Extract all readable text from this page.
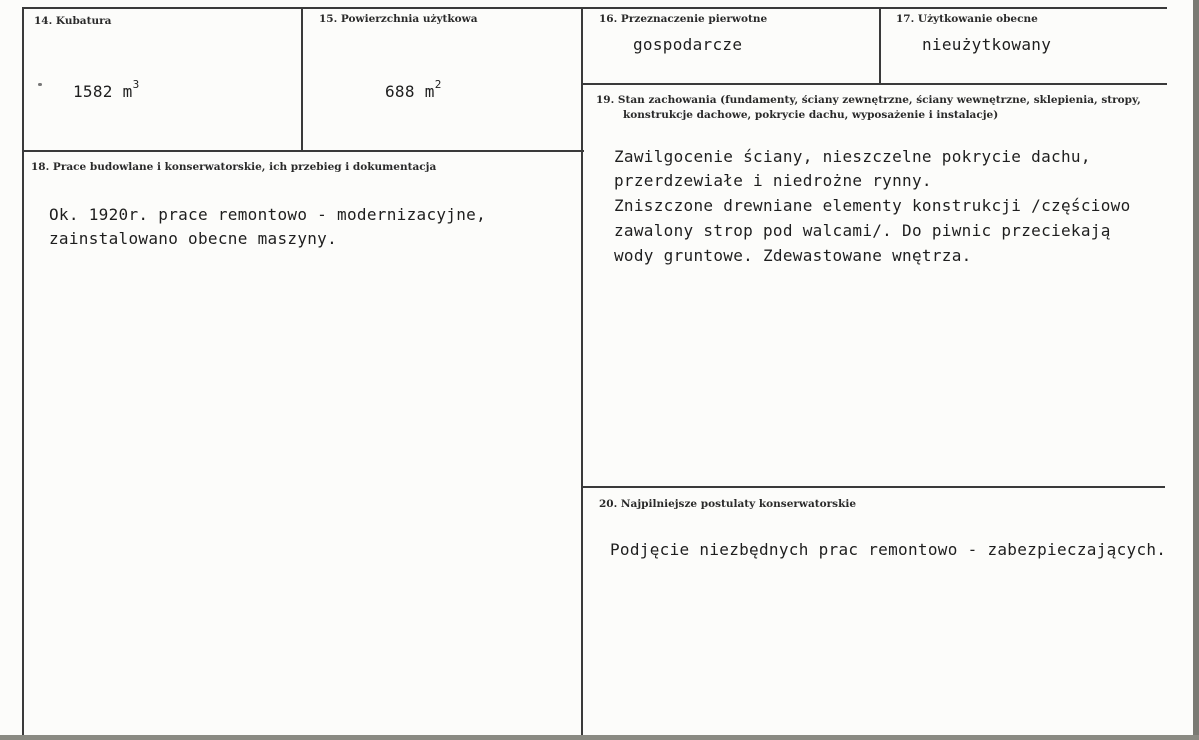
14. Kubatura
1582 $m^3$
15. Powierzchnia użytkowa
688 $m^2$
16. Przeznaczenie pierwotne
gospodarcze
17. Użytkowanie obecne
nieużytkowany
18. Prace budowlane i konserwatorskie, ich przebieg i dokumentacja
Ok. 1920r. prace remontowo - modernizacyjne,
zainstalowano obecne maszyny.
19. Stan zachowania (fundamenty, ściany zewnętrzne, ściany wewnętrzne, sklepienia, stropy,
konstrukcje dachowe, pokrycie dachu, wyposażenie i instalacje)
Zawilgocenie ściany, nieszczelne pokrycie dachu,
przerdzewiałe i niedrożne rynny.
Zniszczone drewniane elementy konstrukcji /częściowo
zawalony strop pod walcami/. Do piwnic przeciekają
wody gruntowe. Zdewastowane wnętrza.
20. Najpilniejsze postulaty konserwatorskie
Podjęcie niezbędnych prac remontowo - zabezpieczających.
